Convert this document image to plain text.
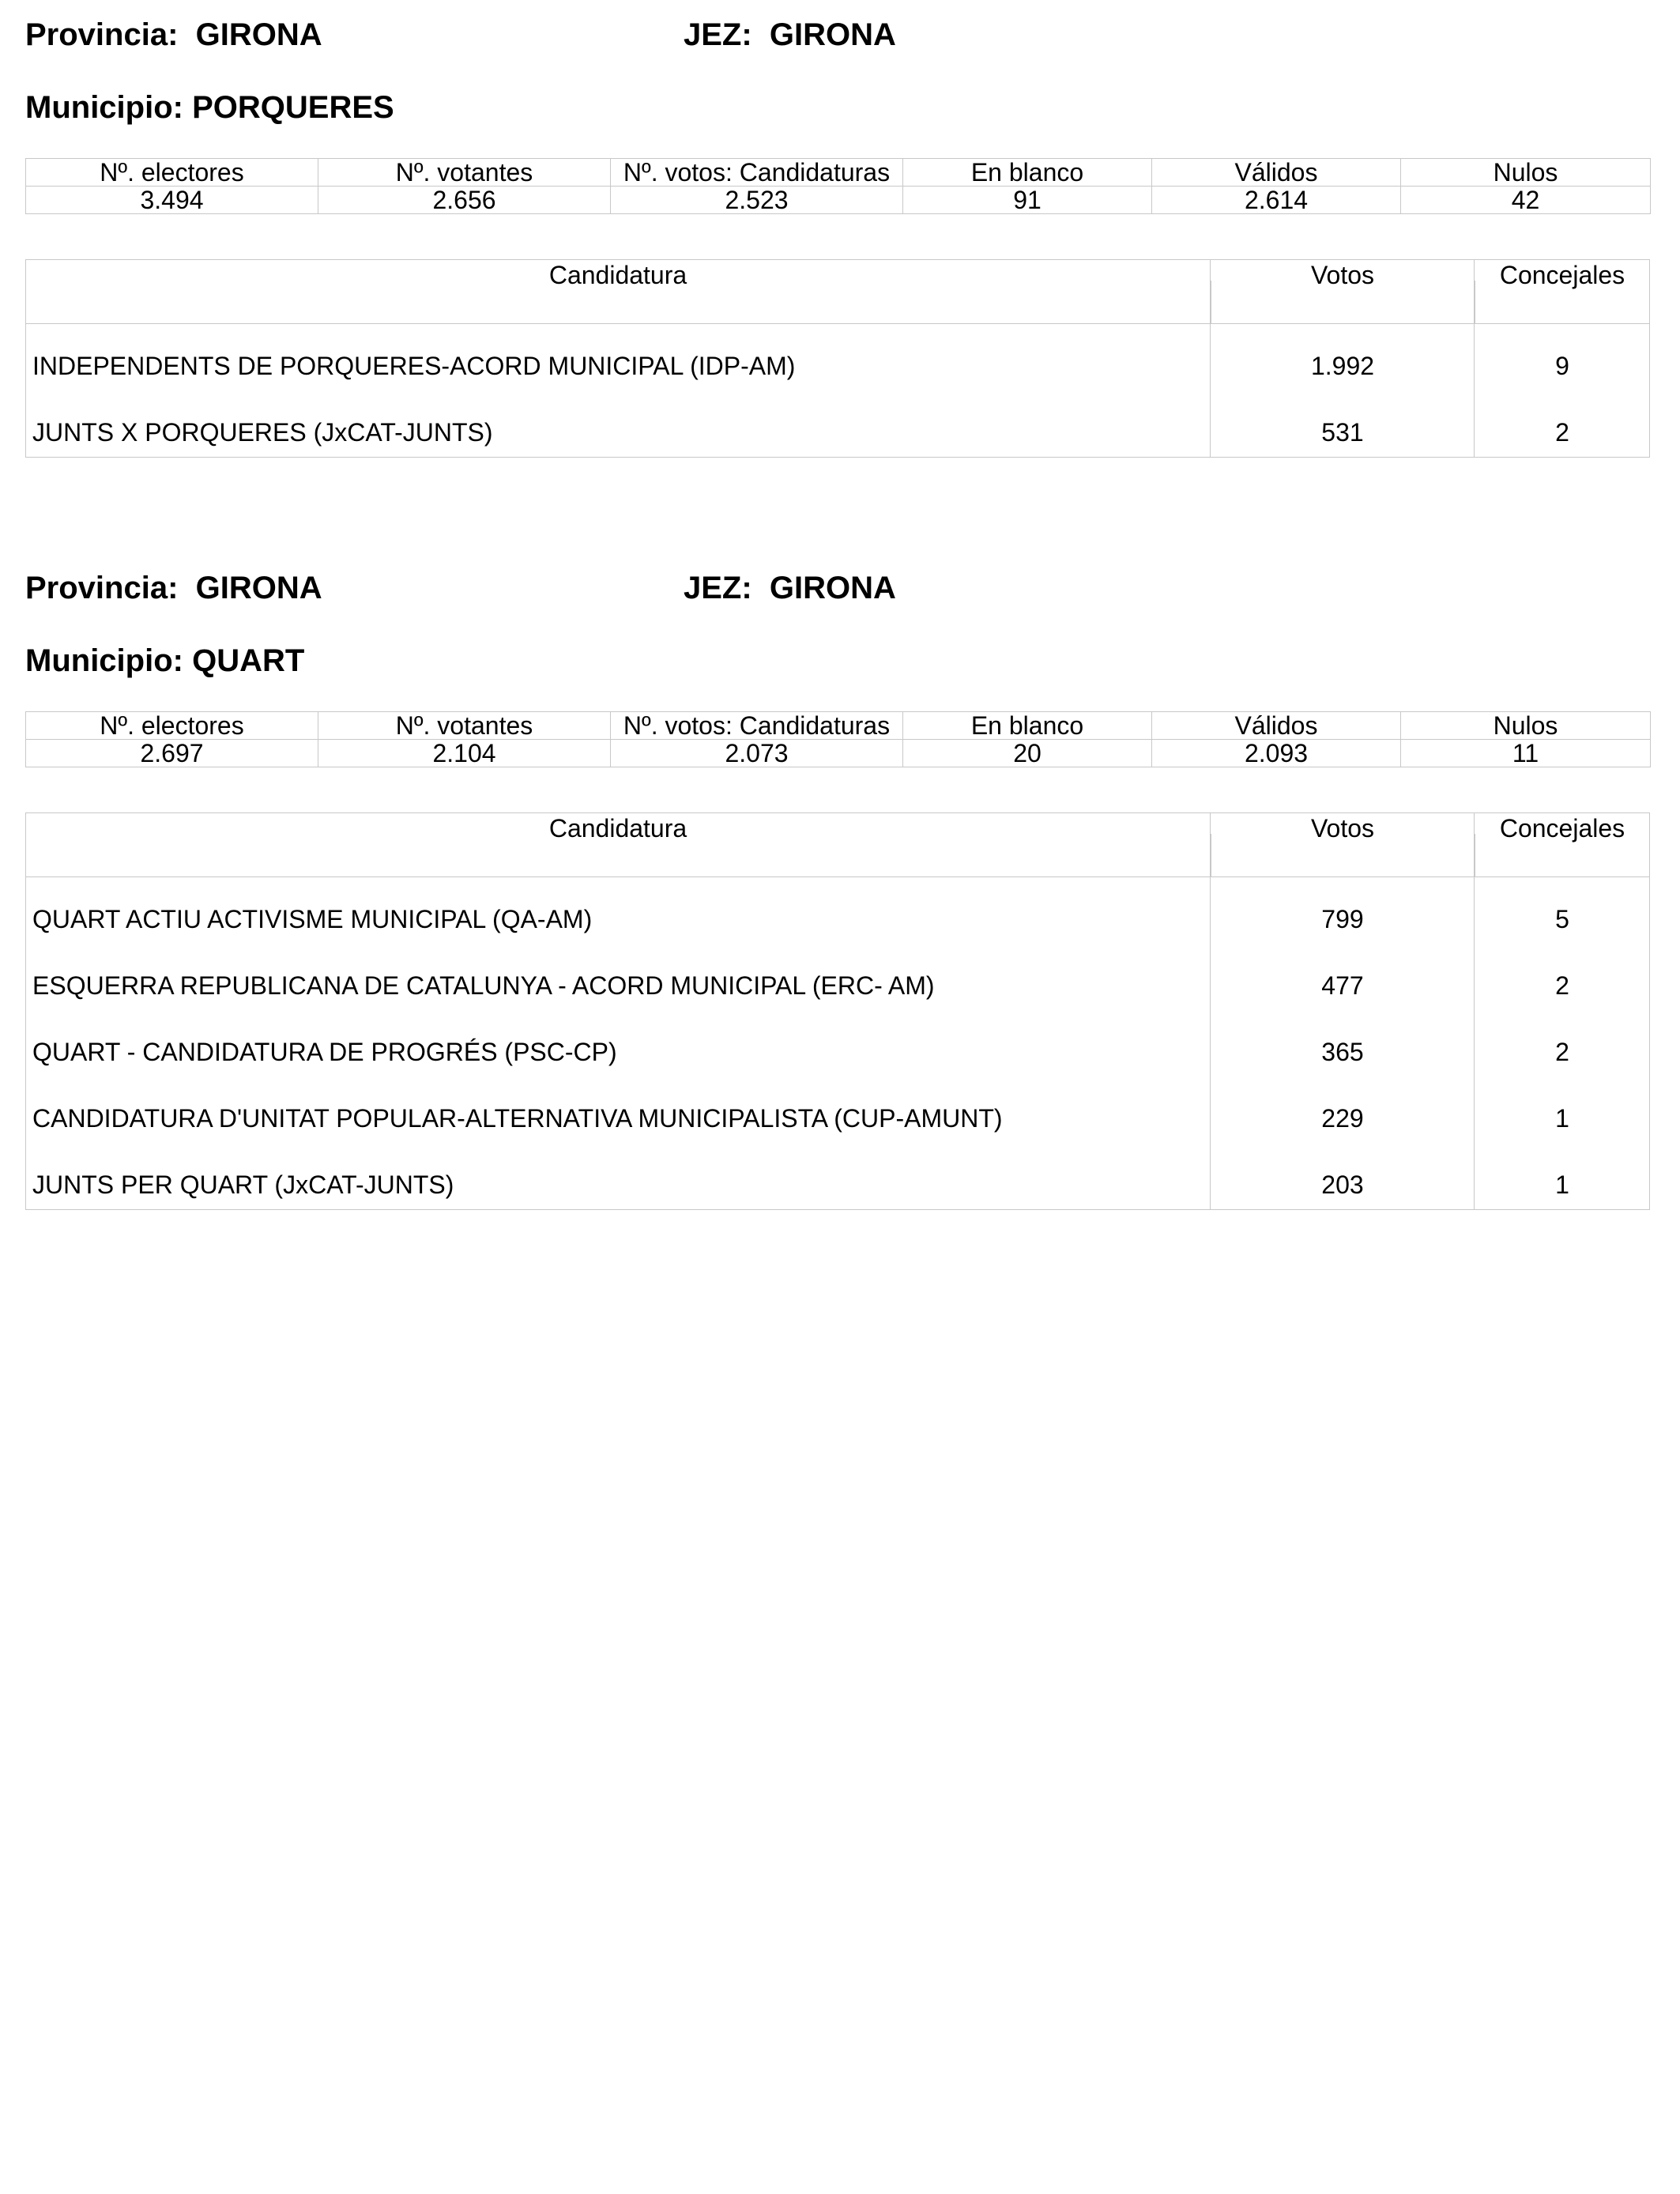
Provincia: GIRONA	JEZ: GIRONA
Municipio: PORQUERES
Nº. electores	Nº. votantes	Nº. votos: Candidaturas	En blanco	Válidos	Nulos
3.494	2.656	2.523	91	2.614	42
Candidatura	Votos	Concejales
INDEPENDENTS DE PORQUERES-ACORD MUNICIPAL (IDP-AM)	1.992	9
JUNTS X PORQUERES (JxCAT-JUNTS)	531	2
Provincia: GIRONA	JEZ: GIRONA
Municipio: QUART
Nº. electores	Nº. votantes	Nº. votos: Candidaturas	En blanco	Válidos	Nulos
2.697	2.104	2.073	20	2.093	11
Candidatura	Votos	Concejales
QUART ACTIU ACTIVISME MUNICIPAL (QA-AM)	799	5
ESQUERRA REPUBLICANA DE CATALUNYA - ACORD MUNICIPAL (ERC- AM)	477	2
QUART - CANDIDATURA DE PROGRÉS (PSC-CP)	365	2
CANDIDATURA D'UNITAT POPULAR-ALTERNATIVA MUNICIPALISTA (CUP-AMUNT)	229	1
JUNTS PER QUART (JxCAT-JUNTS)	203	1
